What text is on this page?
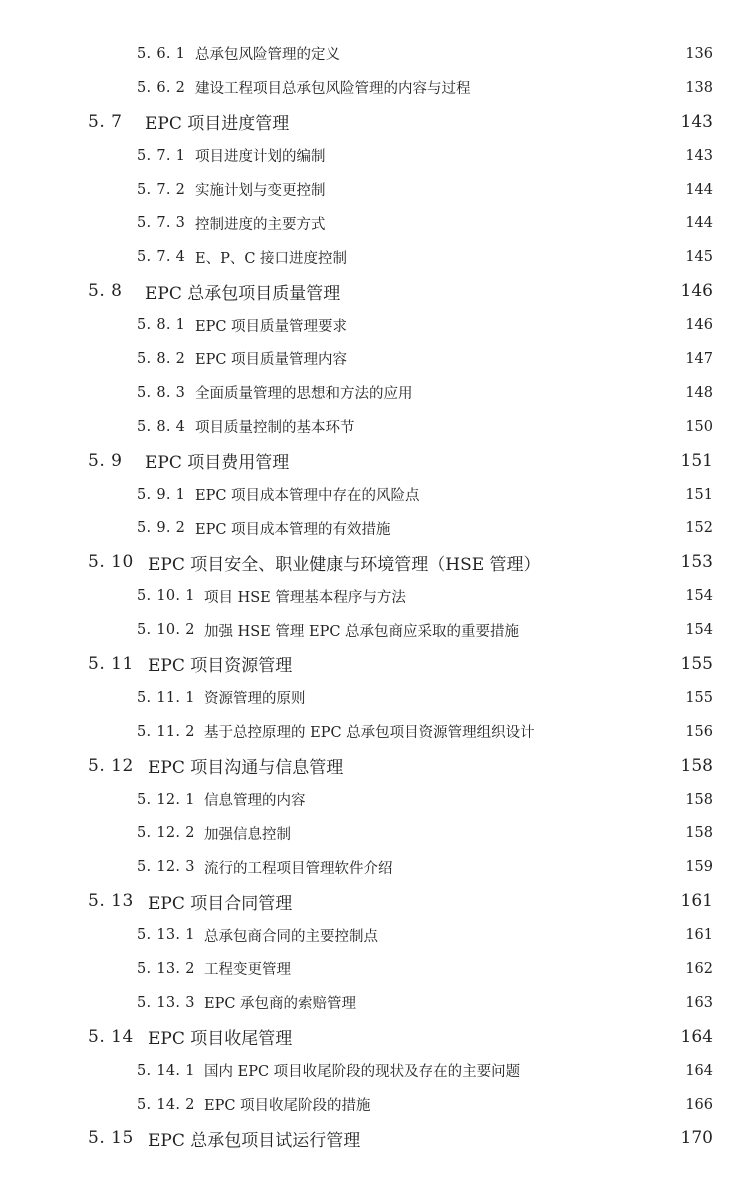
5. 6. 1 总承包风险管理的定义	136
5. 6. 2 建设工程项目总承包风险管理的内容与过程	138
5. 7	EPC 项目进度管理	143
5. 7. 1 项目进度计划的编制	143
5. 7. 2 实施计划与变更控制	144
5. 7. 3 控制进度的主要方式	144
5. 7. 4 E、P、C 接口进度控制	145
5. 8	EPC 总承包项目质量管理	146
5. 8. 1 EPC 项目质量管理要求	146
5. 8. 2 EPC 项目质量管理内容	147
5. 8. 3 全面质量管理的思想和方法的应用	148
5. 8. 4 项目质量控制的基本环节	150
5. 9	EPC 项目费用管理	151
5. 9. 1 EPC 项目成本管理中存在的风险点	151
5. 9. 2 EPC 项目成本管理的有效措施	152
5. 10 EPC 项目安全、职业健康与环境管理（HSE 管理）	153
5. 10. 1 项目 HSE 管理基本程序与方法	154
5. 10. 2 加强 HSE 管理 EPC 总承包商应采取的重要措施	154
5. 11 EPC 项目资源管理	155
5. 11. 1 资源管理的原则	155
5. 11. 2 基于总控原理的 EPC 总承包项目资源管理组织设计	156
5. 12 EPC 项目沟通与信息管理	158
5. 12. 1 信息管理的内容	158
5. 12. 2 加强信息控制	158
5. 12. 3 流行的工程项目管理软件介绍	159
5. 13 EPC 项目合同管理	161
5. 13. 1 总承包商合同的主要控制点	161
5. 13. 2 工程变更管理	162
5. 13. 3 EPC 承包商的索赔管理	163
5. 14 EPC 项目收尾管理	164
5. 14. 1 国内 EPC 项目收尾阶段的现状及存在的主要问题	164
5. 14. 2 EPC 项目收尾阶段的措施	166
5. 15 EPC 总承包项目试运行管理	170
